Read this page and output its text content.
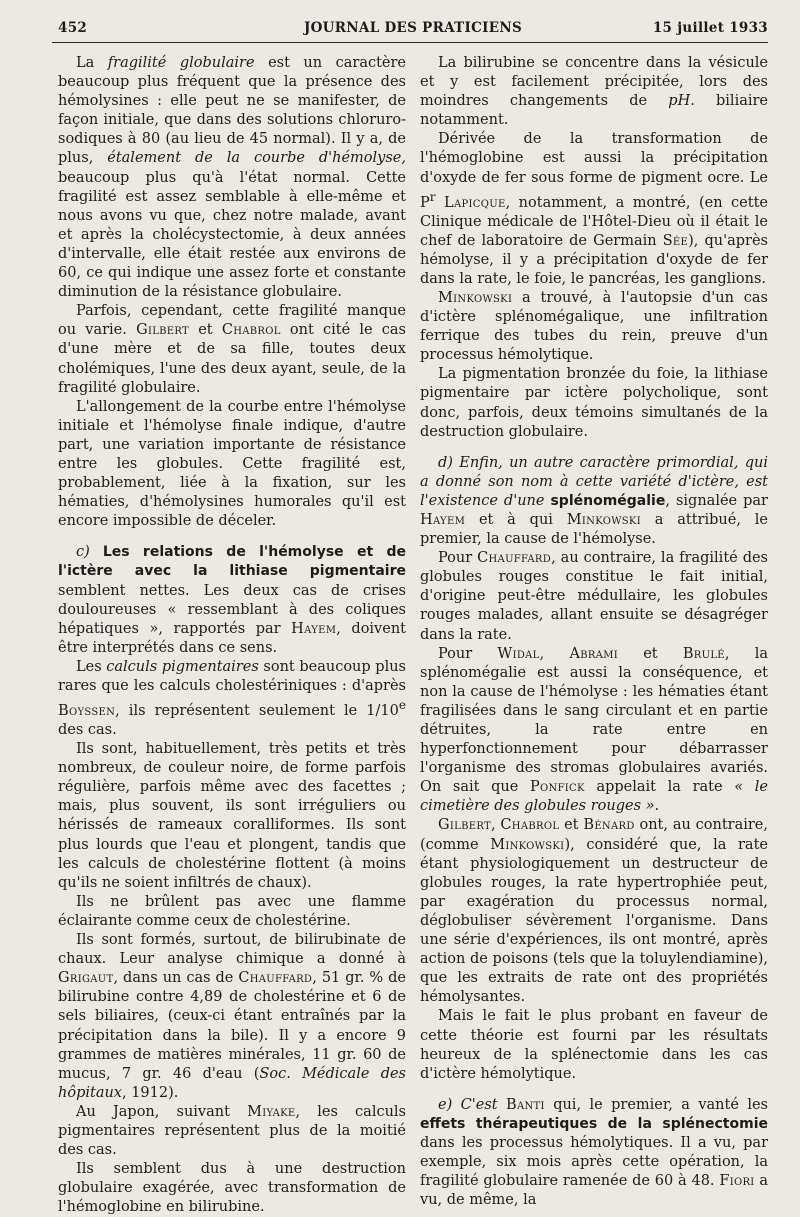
452	JOURNAL DES PRATICIENS	15 juillet 1933

La fragilité globulaire est un caractère beaucoup plus fréquent que la présence des hémolysines : elle peut ne se manifester, de façon initiale, que dans des solutions chloruro-sodiques à 80 (au lieu de 45 normal). Il y a, de plus, étalement de la courbe d'hémolyse, beaucoup plus qu'à l'état normal. Cette fragilité est assez semblable à elle-même et nous avons vu que, chez notre malade, avant et après la cholécystectomie, à deux années d'intervalle, elle était restée aux environs de 60, ce qui indique une assez forte et constante diminution de la résistance globulaire.

Parfois, cependant, cette fragilité manque ou varie. Gilbert et Chabrol ont cité le cas d'une mère et de sa fille, toutes deux cholémiques, l'une des deux ayant, seule, de la fragilité globulaire.

L'allongement de la courbe entre l'hémolyse initiale et l'hémolyse finale indique, d'autre part, une variation importante de résistance entre les globules. Cette fragilité est, probablement, liée à la fixation, sur les hématies, d'hémolysines humorales qu'il est encore impossible de déceler.

c) Les relations de l'hémolyse et de l'ictère avec la lithiase pigmentaire semblent nettes. Les deux cas de crises douloureuses « ressemblant à des coliques hépatiques », rapportés par Hayem, doivent être interprétés dans ce sens.

Les calculs pigmentaires sont beaucoup plus rares que les calculs cholestériniques : d'après Boyssen, ils représentent seulement le 1/10e des cas.

Ils sont, habituellement, très petits et très nombreux, de couleur noire, de forme parfois régulière, parfois même avec des facettes ; mais, plus souvent, ils sont irréguliers ou hérissés de rameaux coralliformes. Ils sont plus lourds que l'eau et plongent, tandis que les calculs de cholestérine flottent (à moins qu'ils ne soient infiltrés de chaux).

Ils ne brûlent pas avec une flamme éclairante comme ceux de cholestérine.

Ils sont formés, surtout, de bilirubinate de chaux. Leur analyse chimique a donné à Grigaut, dans un cas de Chauffard, 51 gr. % de bilirubine contre 4,89 de cholestérine et 6 de sels biliaires, (ceux-ci étant entraînés par la précipitation dans la bile). Il y a encore 9 grammes de matières minérales, 11 gr. 60 de mucus, 7 gr. 46 d'eau (Soc. Médicale des hôpitaux, 1912).

Au Japon, suivant Miyake, les calculs pigmentaires représentent plus de la moitié des cas.

Ils semblent dus à une destruction globulaire exagérée, avec transformation de l'hémoglobine en bilirubine.

La bilirubine se concentre dans la vésicule et y est facilement précipitée, lors des moindres changements de pH. biliaire notamment.

Dérivée de la transformation de l'hémoglobine est aussi la précipitation d'oxyde de fer sous forme de pigment ocre. Le $P^r$ Lapicque, notamment, a montré, (en cette Clinique médicale de l'Hôtel-Dieu où il était le chef de laboratoire de Germain Sée), qu'après hémolyse, il y a précipitation d'oxyde de fer dans la rate, le foie, le pancréas, les ganglions.

Minkowski a trouvé, à l'autopsie d'un cas d'ictère splénomégalique, une infiltration ferrique des tubes du rein, preuve d'un processus hémolytique.

La pigmentation bronzée du foie, la lithiase pigmentaire par ictère polycholique, sont donc, parfois, deux témoins simultanés de la destruction globulaire.

d) Enfin, un autre caractère primordial, qui a donné son nom à cette variété d'ictère, est l'existence d'une splénomégalie, signalée par Hayem et à qui Minkowski a attribué, le premier, la cause de l'hémolyse.

Pour Chauffard, au contraire, la fragilité des globules rouges constitue le fait initial, d'origine peut-être médullaire, les globules rouges malades, allant ensuite se désagréger dans la rate.

Pour Widal, Abrami et Brulé, la splénomégalie est aussi la conséquence, et non la cause de l'hémolyse : les hématies étant fragilisées dans le sang circulant et en partie détruites, la rate entre en hyperfonctionnement pour débarrasser l'organisme des stromas globulaires avariés. On sait que Ponfick appelait la rate « le cimetière des globules rouges ».

Gilbert, Chabrol et Bénard ont, au contraire, (comme Minkowski), considéré que, la rate étant physiologiquement un destructeur de globules rouges, la rate hypertrophiée peut, par exagération du processus normal, déglobuliser sévèrement l'organisme. Dans une série d'expériences, ils ont montré, après action de poisons (tels que la toluylendiamine), que les extraits de rate ont des propriétés hémolysantes.

Mais le fait le plus probant en faveur de cette théorie est fourni par les résultats heureux de la splénectomie dans les cas d'ictère hémolytique.

e) C'est Banti qui, le premier, a vanté les effets thérapeutiques de la splénectomie dans les processus hémolytiques. Il a vu, par exemple, six mois après cette opération, la fragilité globulaire ramenée de 60 à 48. Fiori a vu, de même, la
